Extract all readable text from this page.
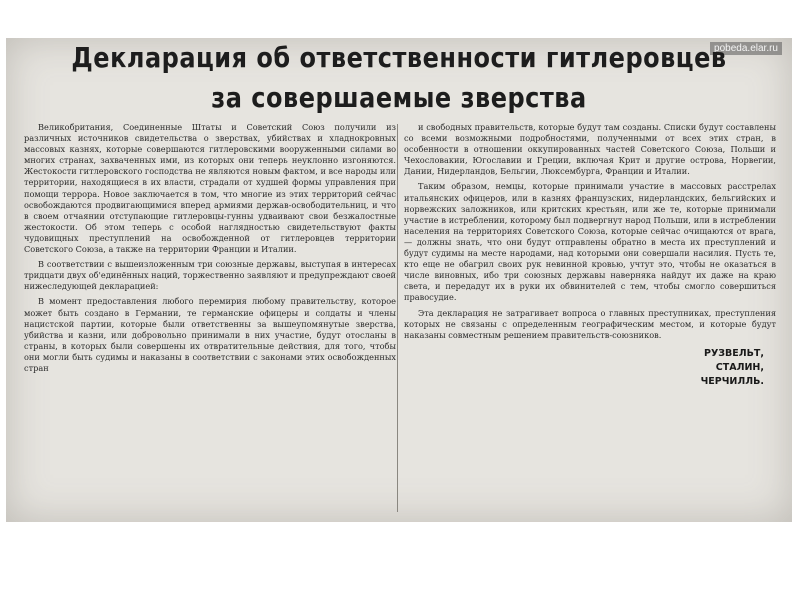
pobeda.elar.ru
Декларация об ответственности гитлеровцев
за совершаемые зверства

Великобритания, Соединенные Штаты и Советский Союз получили из различных источников свидетельства о зверствах, убийствах и хладнокровных массовых казнях, которые совершаются гитлеровскими вооруженными силами во многих странах, захваченных ими, из которых они теперь неуклонно изгоняются. Жестокости гитлеровского господства не являются новым фактом, и все народы или территории, находящиеся в их власти, страдали от худшей формы управления при помощи террора. Новое заключается в том, что многие из этих территорий сейчас освобождаются продвигающимися вперед армиями держав-освободительниц, и что в своем отчаянии отступающие гитлеровцы-гунны удваивают свои безжалостные жестокости. Об этом теперь с особой наглядностью свидетельствуют факты чудовищных преступлений на освобожденной от гитлеровцев территории Советского Союза, а также на территории Франции и Италии.

В соответствии с вышеизложенным три союзные державы, выступая в интересах тридцати двух об'единённых наций, торжественно заявляют и предупреждают своей нижеследующей декларацией:

В момент предоставления любого перемирия любому правительству, которое может быть создано в Германии, те германские офицеры и солдаты и члены нацистской партии, которые были ответственны за вышеупомянутые зверства, убийства и казни, или добровольно принимали в них участие, будут отосланы в страны, в которых были совершены их отвратительные действия, для того, чтобы они могли быть судимы и наказаны в соответствии с законами этих освобожденных стран

и свободных правительств, которые будут там созданы. Списки будут составлены со всеми возможными подробностями, полученными от всех этих стран, в особенности в отношении оккупированных частей Советского Союза, Польши и Чехословакии, Югославии и Греции, включая Крит и другие острова, Норвегии, Дании, Нидерландов, Бельгии, Люксембурга, Франции и Италии.

Таким образом, немцы, которые принимали участие в массовых расстрелах итальянских офицеров, или в казнях французских, нидерландских, бельгийских и норвежских заложников, или критских крестьян, или же те, которые принимали участие в истреблении, которому был подвергнут народ Польши, или в истреблении населения на территориях Советского Союза, которые сейчас очищаются от врага, — должны знать, что они будут отправлены обратно в места их преступлений и будут судимы на месте народами, над которыми они совершали насилия. Пусть те, кто еще не обагрил своих рук невинной кровью, учтут это, чтобы не оказаться в числе виновных, ибо три союзных державы наверняка найдут их даже на краю света, и передадут их в руки их обвинителей с тем, чтобы смогло совершиться правосудие.

Эта декларация не затрагивает вопроса о главных преступниках, преступления которых не связаны с определенным географическим местом, и которые будут наказаны совместным решением правительств-союзников.

РУЗВЕЛЬТ,
СТАЛИН,
ЧЕРЧИЛЛЬ.
